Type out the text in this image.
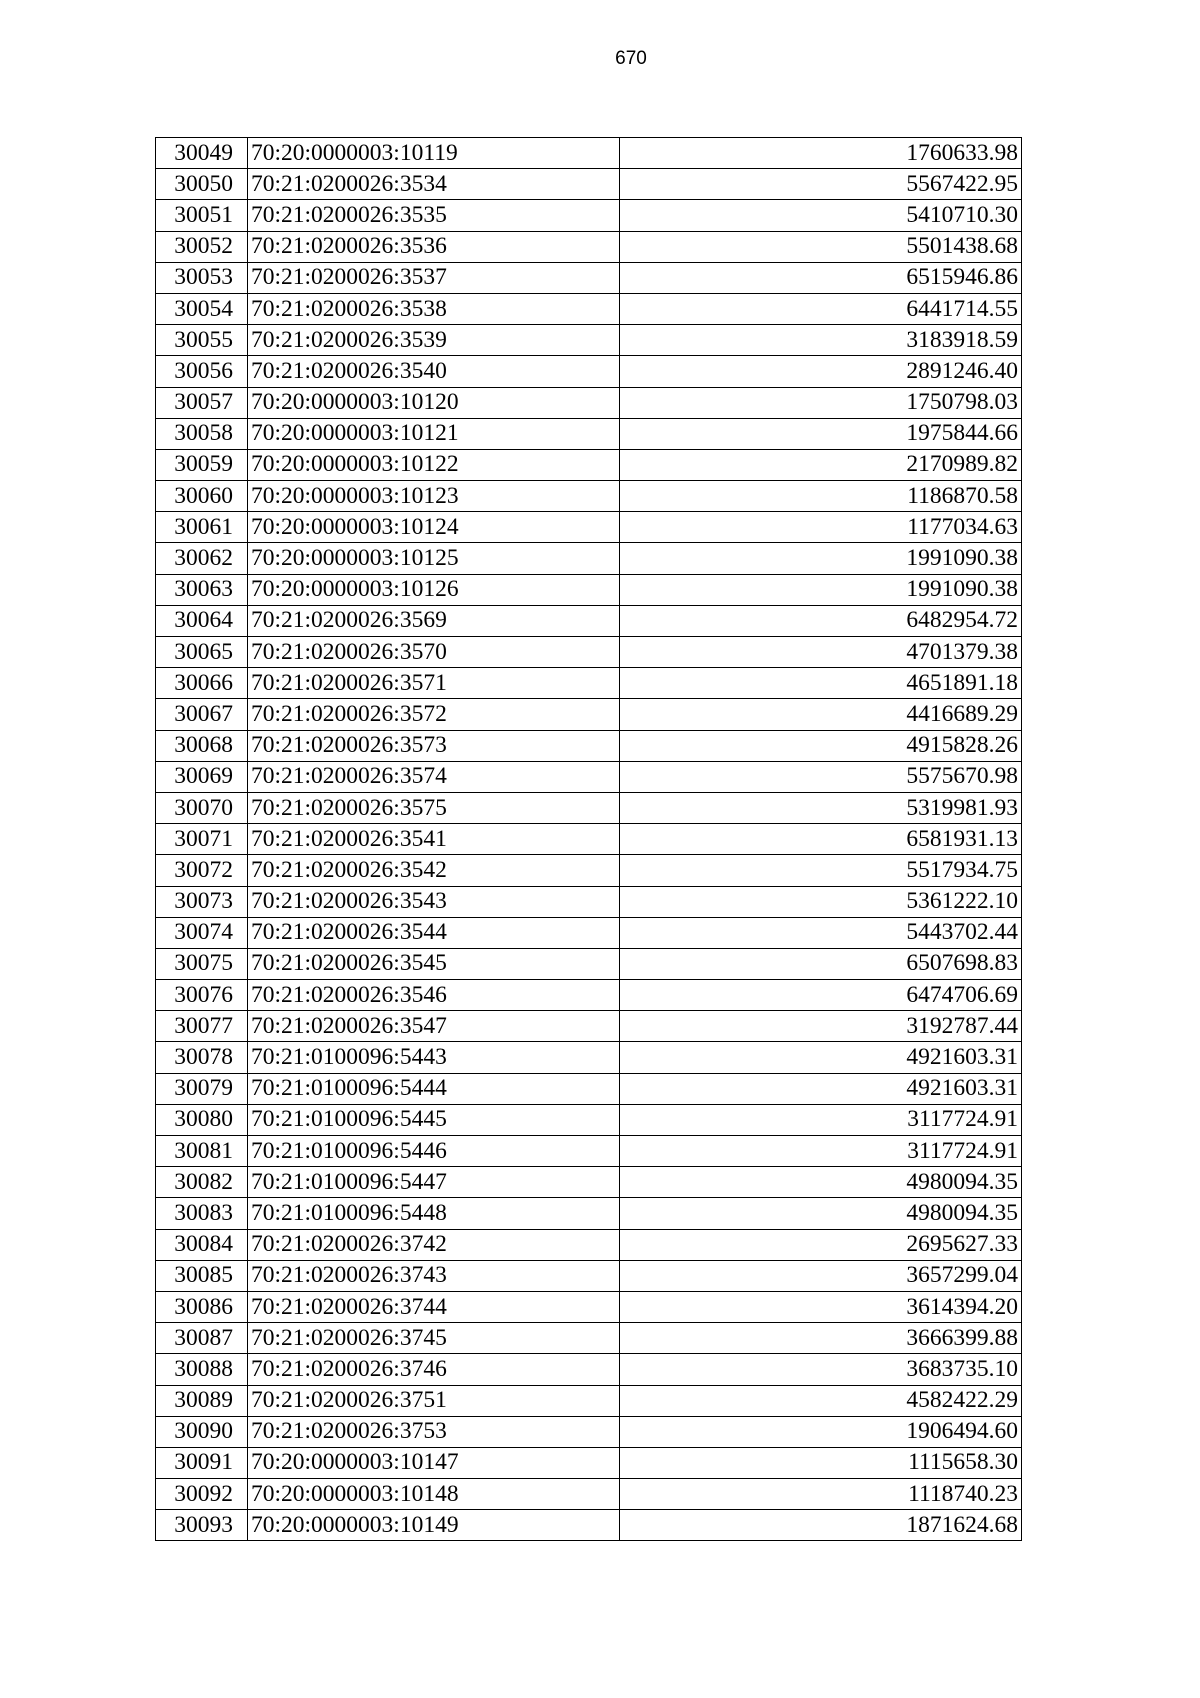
670
30049	70:20:0000003:10119	1760633.98
30050	70:21:0200026:3534	5567422.95
30051	70:21:0200026:3535	5410710.30
30052	70:21:0200026:3536	5501438.68
30053	70:21:0200026:3537	6515946.86
30054	70:21:0200026:3538	6441714.55
30055	70:21:0200026:3539	3183918.59
30056	70:21:0200026:3540	2891246.40
30057	70:20:0000003:10120	1750798.03
30058	70:20:0000003:10121	1975844.66
30059	70:20:0000003:10122	2170989.82
30060	70:20:0000003:10123	1186870.58
30061	70:20:0000003:10124	1177034.63
30062	70:20:0000003:10125	1991090.38
30063	70:20:0000003:10126	1991090.38
30064	70:21:0200026:3569	6482954.72
30065	70:21:0200026:3570	4701379.38
30066	70:21:0200026:3571	4651891.18
30067	70:21:0200026:3572	4416689.29
30068	70:21:0200026:3573	4915828.26
30069	70:21:0200026:3574	5575670.98
30070	70:21:0200026:3575	5319981.93
30071	70:21:0200026:3541	6581931.13
30072	70:21:0200026:3542	5517934.75
30073	70:21:0200026:3543	5361222.10
30074	70:21:0200026:3544	5443702.44
30075	70:21:0200026:3545	6507698.83
30076	70:21:0200026:3546	6474706.69
30077	70:21:0200026:3547	3192787.44
30078	70:21:0100096:5443	4921603.31
30079	70:21:0100096:5444	4921603.31
30080	70:21:0100096:5445	3117724.91
30081	70:21:0100096:5446	3117724.91
30082	70:21:0100096:5447	4980094.35
30083	70:21:0100096:5448	4980094.35
30084	70:21:0200026:3742	2695627.33
30085	70:21:0200026:3743	3657299.04
30086	70:21:0200026:3744	3614394.20
30087	70:21:0200026:3745	3666399.88
30088	70:21:0200026:3746	3683735.10
30089	70:21:0200026:3751	4582422.29
30090	70:21:0200026:3753	1906494.60
30091	70:20:0000003:10147	1115658.30
30092	70:20:0000003:10148	1118740.23
30093	70:20:0000003:10149	1871624.68
